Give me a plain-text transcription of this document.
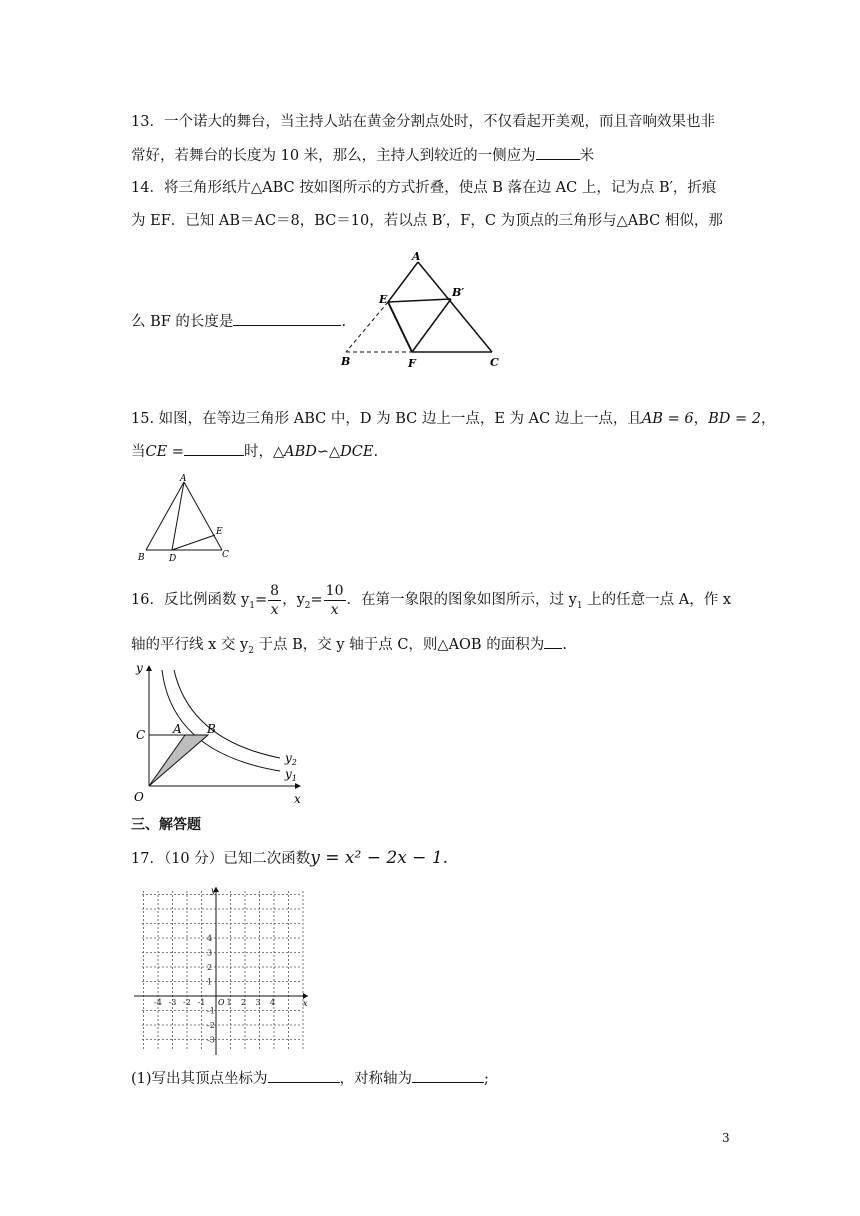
13．一个诺大的舞台，当主持人站在黄金分割点处时，不仅看起开美观，而且音响效果也非
常好，若舞台的长度为 10 米，那么，主持人到较近的一侧应为	米
14．将三角形纸片△ABC 按如图所示的方式折叠，使点 B 落在边 AC 上，记为点 B′，折痕
为 EF．已知 AB＝AC＝8，BC＝10，若以点 B′，F，C 为顶点的三角形与△ABC 相似，那
么 BF 的长度是	.
A
E
B′
B	F	C
15. 如图，在等边三角形 ABC 中，D 为 BC 边上一点，E 为 AC 边上一点，且AB = 6，BD = 2，
当CE =	时，△ABD∽△DCE.
A
B	D
E
C
16．反比例函数 $y_1= \frac{8}{x}$ ，$y_2= \frac{10}{x}$ ．在第一象限的图象如图所示，过 $y_1$ 上的任意一点 A，作 x
轴的平行线 x 交 $y_2$ 于点 B，交 y 轴于点 C，则△AOB 的面积为 .
y
C A B
$y_2$
$y_1$
O	x
三、解答题
17．（10 分）已知二次函数y = x² − 2x − 1.
-4 -3 -2 -1	1 2 3 4
4
3
2
1
-1
-2
-3
y
x
O
(1)写出其顶点坐标为	，对称轴为	;
3
